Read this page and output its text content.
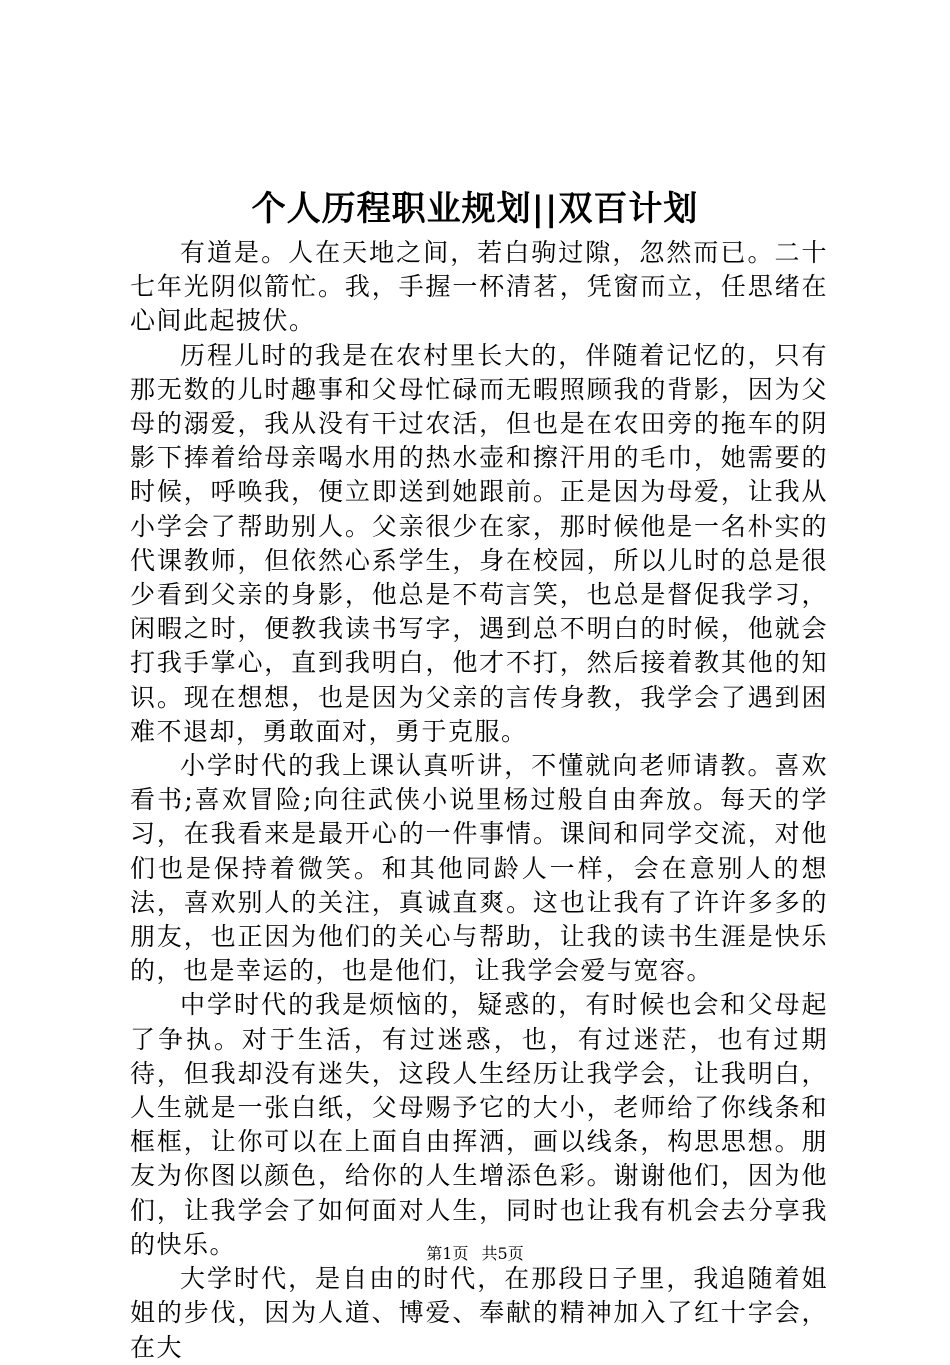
个人历程职业规划||双百计划

有道是。人在天地之间，若白驹过隙，忽然而已。二十七年光阴似箭忙。我，手握一杯清茗，凭窗而立，任思绪在心间此起披伏。

历程儿时的我是在农村里长大的，伴随着记忆的，只有那无数的儿时趣事和父母忙碌而无暇照顾我的背影，因为父母的溺爱，我从没有干过农活，但也是在农田旁的拖车的阴影下捧着给母亲喝水用的热水壶和擦汗用的毛巾，她需要的时候，呼唤我，便立即送到她跟前。正是因为母爱，让我从小学会了帮助别人。父亲很少在家，那时候他是一名朴实的代课教师，但依然心系学生，身在校园，所以儿时的总是很少看到父亲的身影，他总是不苟言笑，也总是督促我学习，闲暇之时，便教我读书写字，遇到总不明白的时候，他就会打我手掌心，直到我明白，他才不打，然后接着教其他的知识。现在想想，也是因为父亲的言传身教，我学会了遇到困难不退却，勇敢面对，勇于克服。

小学时代的我上课认真听讲，不懂就向老师请教。喜欢看书;喜欢冒险;向往武侠小说里杨过般自由奔放。每天的学习，在我看来是最开心的一件事情。课间和同学交流，对他们也是保持着微笑。和其他同龄人一样，会在意别人的想法，喜欢别人的关注，真诚直爽。这也让我有了许许多多的朋友，也正因为他们的关心与帮助，让我的读书生涯是快乐的，也是幸运的，也是他们，让我学会爱与宽容。

中学时代的我是烦恼的，疑惑的，有时候也会和父母起了争执。对于生活，有过迷惑，也，有过迷茫，也有过期待，但我却没有迷失，这段人生经历让我学会，让我明白，人生就是一张白纸，父母赐予它的大小，老师给了你线条和框框，让你可以在上面自由挥洒，画以线条，构思思想。朋友为你图以颜色，给你的人生增添色彩。谢谢他们，因为他们，让我学会了如何面对人生，同时也让我有机会去分享我的快乐。

大学时代，是自由的时代，在那段日子里，我追随着姐姐的步伐，因为人道、博爱、奉献的精神加入了红十字会，在大

第1页 共5页
